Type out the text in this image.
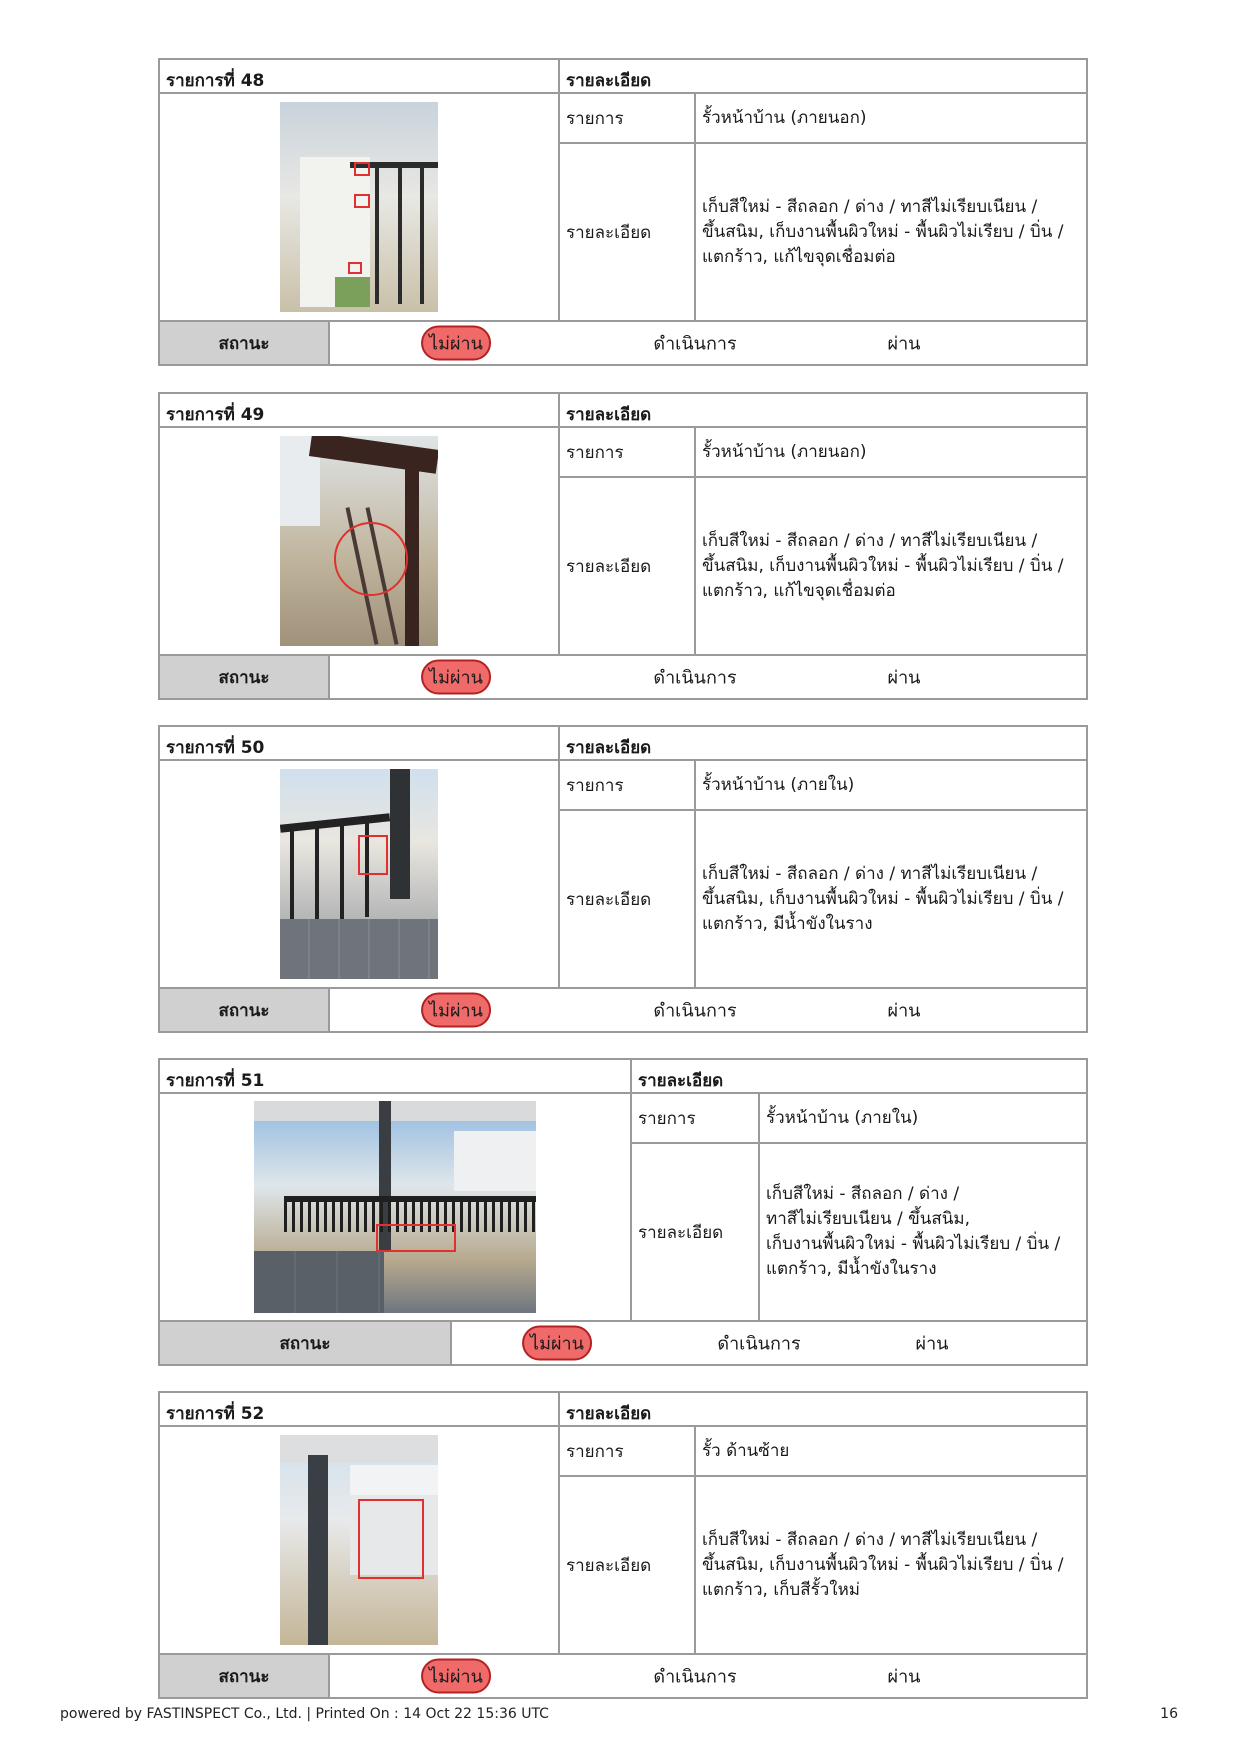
รายการที่ 48	รายละเอียด
รายการ	รั้วหน้าบ้าน (ภายนอก)
รายละเอียด
เก็บสีใหม่ - สีถลอก / ด่าง / ทาสีไม่เรียบเนียน /
ขึ้นสนิม, เก็บงานพื้นผิวใหม่ - พื้นผิวไม่เรียบ / บิ่น /
แตกร้าว, แก้ไขจุดเชื่อมต่อ
สถานะ	ไม่ผ่าน	ดำเนินการ	ผ่าน
รายการที่ 49	รายละเอียด
รายการ	รั้วหน้าบ้าน (ภายนอก)
รายละเอียด
เก็บสีใหม่ - สีถลอก / ด่าง / ทาสีไม่เรียบเนียน /
ขึ้นสนิม, เก็บงานพื้นผิวใหม่ - พื้นผิวไม่เรียบ / บิ่น /
แตกร้าว, แก้ไขจุดเชื่อมต่อ
สถานะ	ไม่ผ่าน	ดำเนินการ	ผ่าน
รายการที่ 50	รายละเอียด
รายการ	รั้วหน้าบ้าน (ภายใน)
รายละเอียด
เก็บสีใหม่ - สีถลอก / ด่าง / ทาสีไม่เรียบเนียน /
ขึ้นสนิม, เก็บงานพื้นผิวใหม่ - พื้นผิวไม่เรียบ / บิ่น /
แตกร้าว, มีน้ำขังในราง
สถานะ	ไม่ผ่าน	ดำเนินการ	ผ่าน
รายการที่ 51	รายละเอียด
รายการ	รั้วหน้าบ้าน (ภายใน)
รายละเอียด
เก็บสีใหม่ - สีถลอก / ด่าง /
ทาสีไม่เรียบเนียน / ขึ้นสนิม,
เก็บงานพื้นผิวใหม่ - พื้นผิวไม่เรียบ / บิ่น /
แตกร้าว, มีน้ำขังในราง
สถานะ	ไม่ผ่าน	ดำเนินการ	ผ่าน
รายการที่ 52	รายละเอียด
รายการ	รั้ว ด้านซ้าย
รายละเอียด
เก็บสีใหม่ - สีถลอก / ด่าง / ทาสีไม่เรียบเนียน /
ขึ้นสนิม, เก็บงานพื้นผิวใหม่ - พื้นผิวไม่เรียบ / บิ่น /
แตกร้าว, เก็บสีรั้วใหม่
สถานะ	ไม่ผ่าน	ดำเนินการ	ผ่าน
powered by FASTINSPECT Co., Ltd. | Printed On : 14 Oct 22 15:36 UTC	16
